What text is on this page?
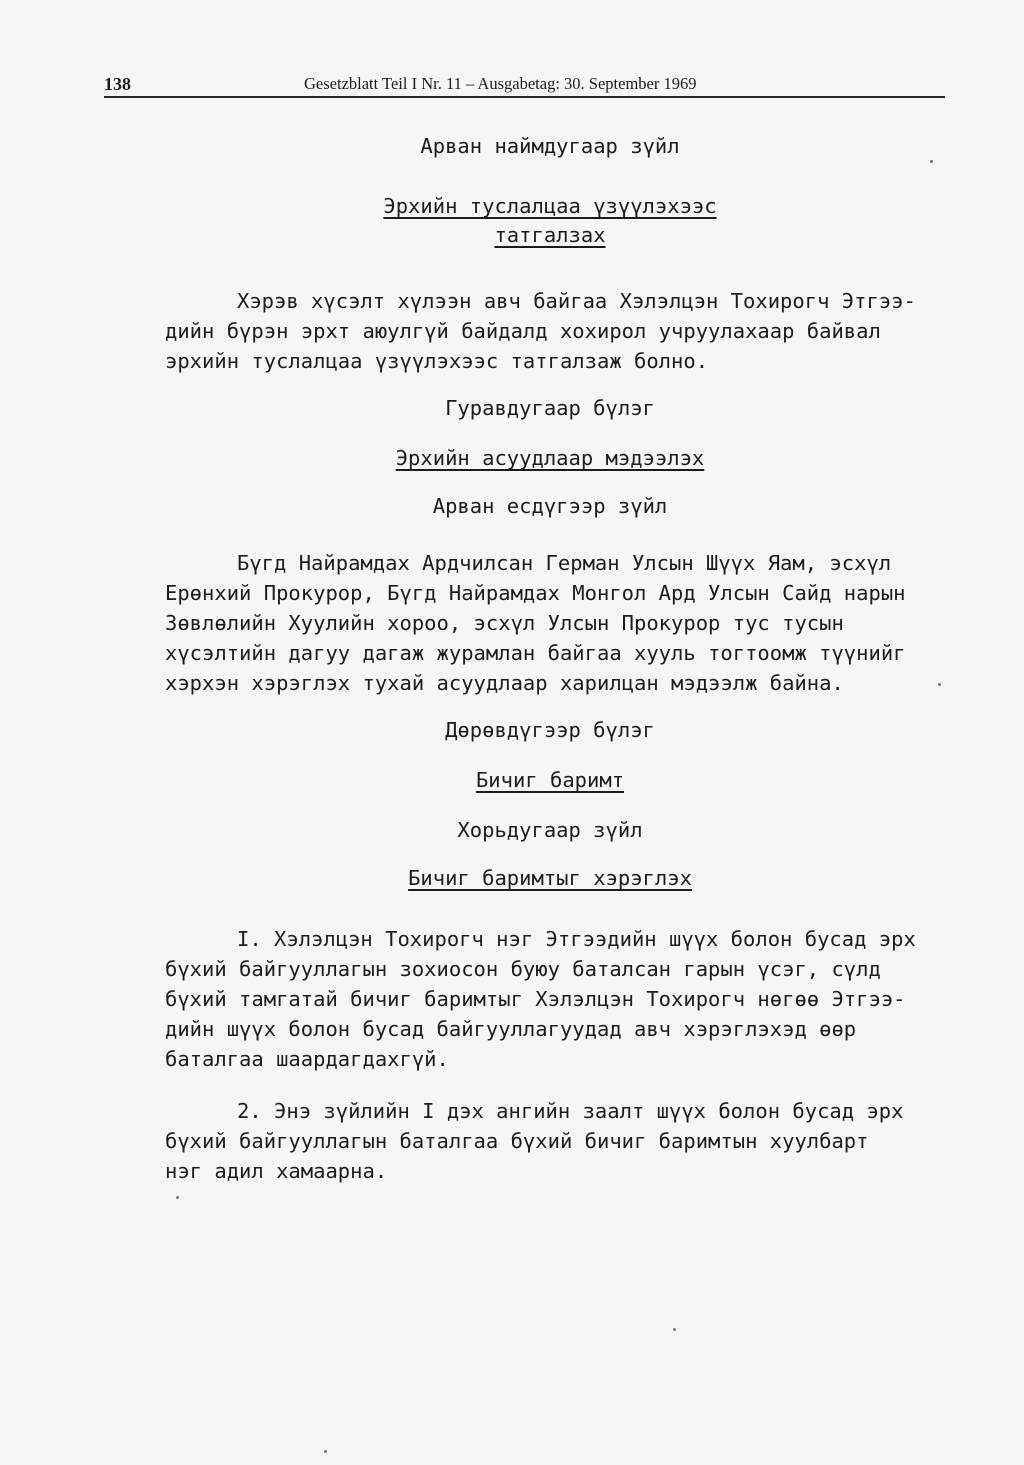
138	Gesetzblatt Teil I Nr. 11 – Ausgabetag: 30. September 1969
Арван наймдугаар зүйл
Эрхийн туслалцаа үзүүлэхээс
татгалзах
Хэрэв хүсэлт хүлээн авч байгаа Хэлэлцэн Тохирогч Этгээ-
дийн бүрэн эрхт аюулгүй байдалд хохирол учруулахаар байвал
эрхийн туслалцаа үзүүлэхээс татгалзаж болно.
Гуравдугаар бүлэг
Эрхийн асуудлаар мэдээлэх
Арван есдүгээр зүйл
Бүгд Найрамдах Ардчилсан Герман Улсын Шүүх Яам, эсхүл
Ерөнхий Прокурор, Бүгд Найрамдах Монгол Ард Улсын Сайд нарын
Зөвлөлийн Хуулийн хороо, эсхүл Улсын Прокурор тус тусын
хүсэлтийн дагуу дагаж журамлан байгаа хууль тогтоомж түүнийг
хэрхэн хэрэглэх тухай асуудлаар харилцан мэдээлж байна.
Дөрөвдүгээр бүлэг
Бичиг баримт
Хорьдугаар зүйл
Бичиг баримтыг хэрэглэх
I. Хэлэлцэн Тохирогч нэг Этгээдийн шүүх болон бусад эрх
бүхий байгууллагын зохиосон буюу баталсан гарын үсэг, сүлд
бүхий тамгатай бичиг баримтыг Хэлэлцэн Тохирогч нөгөө Этгээ-
дийн шүүх болон бусад байгууллагуудад авч хэрэглэхэд өөр
баталгаа шаардагдахгүй.
2. Энэ зүйлийн I дэх ангийн заалт шүүх болон бусад эрх
бүхий байгууллагын баталгаа бүхий бичиг баримтын хуулбарт
нэг адил хамаарна.
